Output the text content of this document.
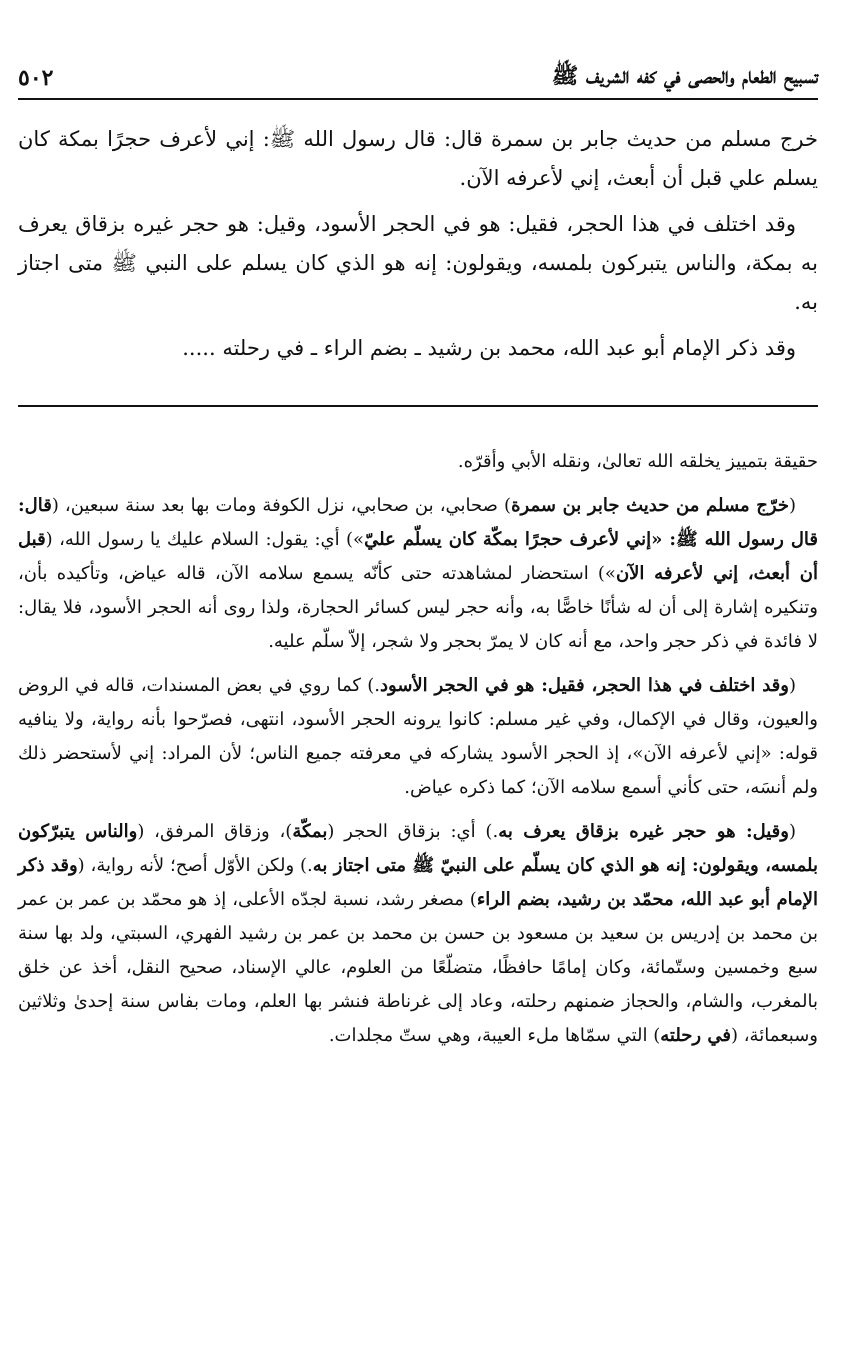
تسبيح الطعام والحصى في كفه الشريف ﷺ
٥٠٢

خرج مسلم من حديث جابر بن سمرة قال: قال رسول الله ﷺ: إني لأعرف حجرًا بمكة كان يسلم علي قبل أن أبعث، إني لأعرفه الآن.

وقد اختلف في هذا الحجر، فقيل: هو في الحجر الأسود، وقيل: هو حجر غيره بزقاق يعرف به بمكة، والناس يتبركون بلمسه، ويقولون: إنه هو الذي كان يسلم على النبي ﷺ متى اجتاز به.

وقد ذكر الإمام أبو عبد الله، محمد بن رشيد ـ بضم الراء ـ في رحلته .....

حقيقة بتمييز يخلقه الله تعالىٰ، ونقله الأبي وأقرّه.

(خرّج مسلم من حديث جابر بن سمرة) صحابي، بن صحابي، نزل الكوفة ومات بها بعد سنة سبعين، (قال: قال رسول الله ﷺ: «إني لأعرف حجرًا بمكّة كان يسلّم عليّ») أي: يقول: السلام عليك يا رسول الله، (قبل أن أبعث، إني لأعرفه الآن») استحضار لمشاهدته حتى كأنّه يسمع سلامه الآن، قاله عياض، وتأكيده بأن، وتنكيره إشارة إلى أن له شأنًا خاصًّا به، وأنه حجر ليس كسائر الحجارة، ولذا روى أنه الحجر الأسود، فلا يقال: لا فائدة في ذكر حجر واحد، مع أنه كان لا يمرّ بحجر ولا شجر، إلاّ سلّم عليه.

(وقد اختلف في هذا الحجر، فقيل: هو في الحجر الأسود.) كما روي في بعض المسندات، قاله في الروض والعيون، وقال في الإكمال، وفي غير مسلم: كانوا يرونه الحجر الأسود، انتهى، فصرّحوا بأنه رواية، ولا ينافيه قوله: «إني لأعرفه الآن»، إذ الحجر الأسود يشاركه في معرفته جميع الناس؛ لأن المراد: إني لأستحضر ذلك ولم أنسَه، حتى كأني أسمع سلامه الآن؛ كما ذكره عياض.

(وقيل: هو حجر غيره بزقاق يعرف به.) أي: بزقاق الحجر (بمكّة)، وزقاق المرفق، (والناس يتبرّكون بلمسه، ويقولون: إنه هو الذي كان يسلّم على النبيّ ﷺ متى اجتاز به.) ولكن الأوّل أصح؛ لأنه رواية، (وقد ذكر الإمام أبو عبد الله، محمّد بن رشيد، بضم الراء) مصغر رشد، نسبة لجدّه الأعلى، إذ هو محمّد بن عمر بن عمر بن محمد بن إدريس بن سعيد بن مسعود بن حسن بن محمد بن عمر بن رشيد الفهري، السبتي، ولد بها سنة سبع وخمسين وستّمائة، وكان إمامًا حافظًا، متضلّعًا من العلوم، عالي الإسناد، صحيح النقل، أخذ عن خلق بالمغرب، والشام، والحجاز ضمنهم رحلته، وعاد إلى غرناطة فنشر بها العلم، ومات بفاس سنة إحدىٰ وثلاثين وسبعمائة، (في رحلته) التي سمّاها ملء العيبة، وهي ستّ مجلدات.
